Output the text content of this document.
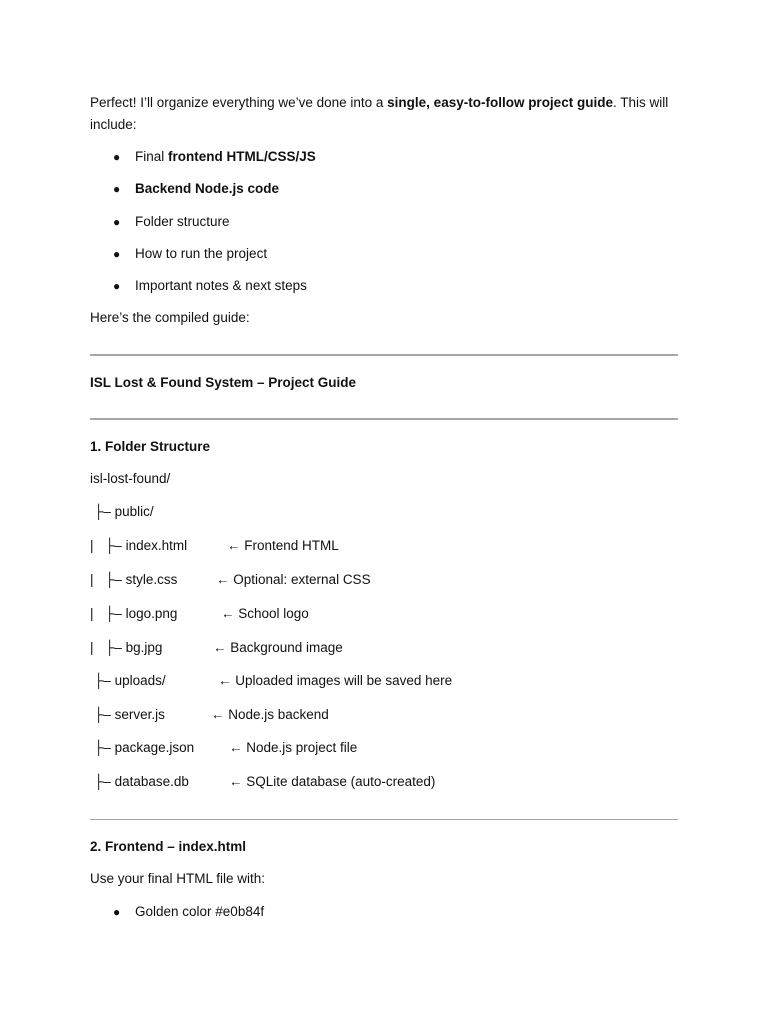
Perfect! I’ll organize everything we’ve done into a single, easy-to-follow project guide. This will
include:
● Final frontend HTML/CSS/JS
● Backend Node.js code
● Folder structure
● How to run the project
● Important notes & next steps
Here’s the compiled guide:
ISL Lost & Found System – Project Guide
1. Folder Structure
isl-lost-found/
├– public/
|   ├– index.html	← Frontend HTML
|   ├– style.css	← Optional: external CSS
|   ├– logo.png	← School logo
|   ├– bg.jpg	← Background image
├– uploads/	← Uploaded images will be saved here
├– server.js	← Node.js backend
├– package.json	← Node.js project file
├– database.db	← SQLite database (auto-created)
2. Frontend – index.html
Use your final HTML file with:
● Golden color #e0b84f
